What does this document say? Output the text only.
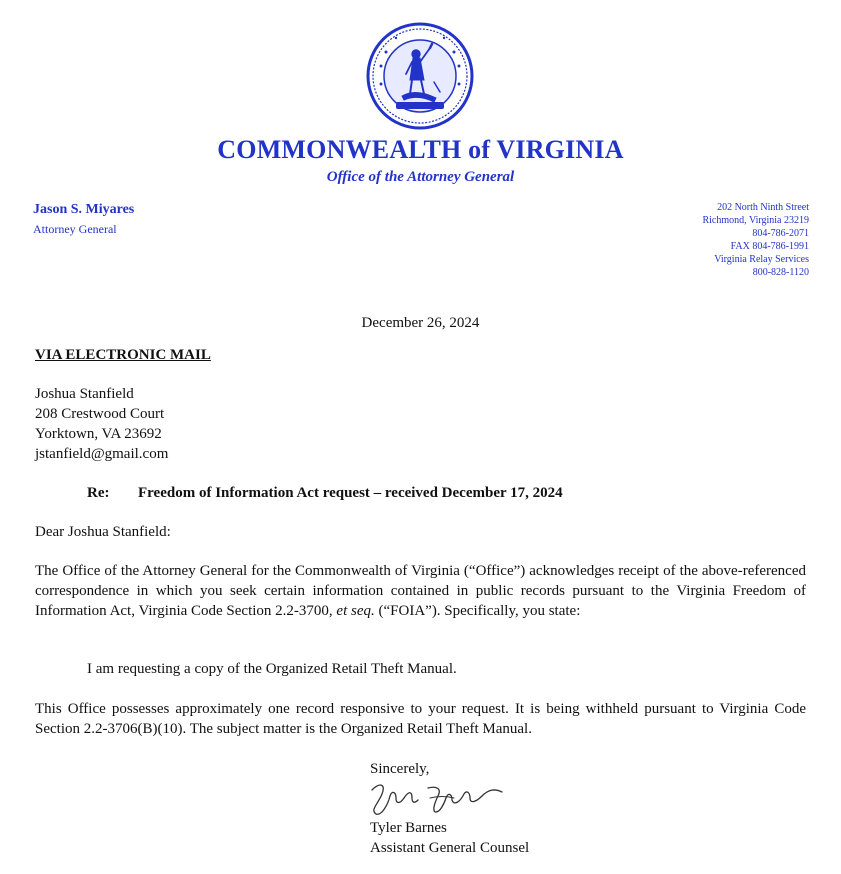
COMMONWEALTH of VIRGINIA
Office of the Attorney General
Jason S. Miyares
Attorney General
202 North Ninth Street
Richmond, Virginia 23219
804-786-2071
FAX 804-786-1991
Virginia Relay Services
800-828-1120
December 26, 2024
VIA ELECTRONIC MAIL
Joshua Stanfield
208 Crestwood Court
Yorktown, VA 23692
jstanfield@gmail.com
Re: Freedom of Information Act request – received December 17, 2024
Dear Joshua Stanfield:
The Office of the Attorney General for the Commonwealth of Virginia (“Office”) acknowledges receipt of the above-referenced correspondence in which you seek certain information contained in public records pursuant to the Virginia Freedom of Information Act, Virginia Code Section 2.2-3700, et seq. (“FOIA”). Specifically, you state:
I am requesting a copy of the Organized Retail Theft Manual.
This Office possesses approximately one record responsive to your request. It is being withheld pursuant to Virginia Code Section 2.2-3706(B)(10). The subject matter is the Organized Retail Theft Manual.
Sincerely,
Tyler Barnes
Assistant General Counsel
